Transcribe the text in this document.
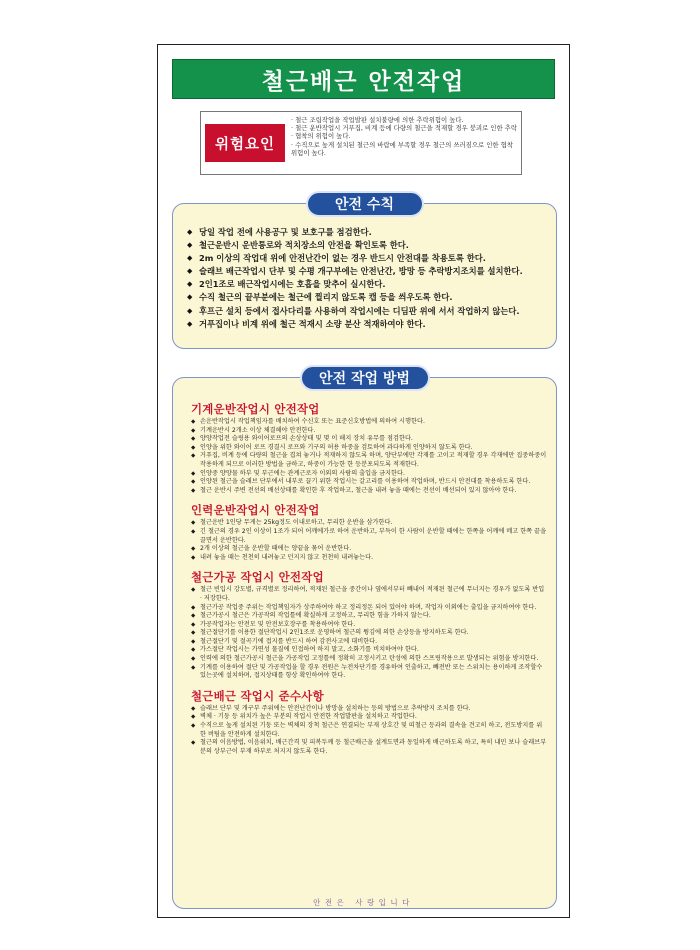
철근배근 안전작업
위험요인
· 철근 조립작업을 작업발판 설치불량에 의한 추락위험이 높다.
· 철근 운반작업시 거푸집, 비계 등에 다량의 철근을 적재할 경우 붕괴로 인한 추락 · 협착의 위험이 높다.
· 수직으로 높게 설치된 철근의 바람에 부족할 경우 철근의 쓰러짐으로 인한 협착 위험이 높다.
안전 수칙
◆ 당일 작업 전에 사용공구 및 보호구를 점검한다.
◆ 철근운반시 운반통로와 적치장소의 안전을 확인토록 한다.
◆ 2m 이상의 작업대 위에 안전난간이 없는 경우 반드시 안전대를 착용토록 한다.
◆ 슬래브 배근작업시 단부 및 수평 개구부에는 안전난간, 방망 등 추락방지조치를 설치한다.
◆ 2인1조로 배근작업시에는 호흡을 맞추어 실시한다.
◆ 수직 철근의 끝부분에는 철근에 찔리지 않도록 캡 등을 씌우도록 한다.
◆ 후프근 설치 등에서 접사다리를 사용하여 작업시에는 디딤판 위에 서서 작업하지 않는다.
◆ 거푸집이나 비계 위에 철근 적재시 소량 분산 적재하여야 한다.
안전 작업 방법
기계운반작업시 안전작업
◆ 손운반작업시 작업책임자를 배치하여 수신호 또는 표준신호방법에 의하여 시행한다.
◆ 기계운반시 2개소 이상 체결해야 안전한다.
◆ 양양작업전 슬링용 와이어로프의 손상상태 및 몇 이 해지 장치 유무를 점검한다.
◆ 인양을 위한 와이어 로프 경결시 로프와 기구의 허용 하중을 검토하여 과다하게 인양하지 않도록 한다.
◆ 거푸집, 비계 등에 다량의 철근을 겹쳐 놓거나 적재하지 않도록 하며, 양단부에만 각재를 고이고 적재할 경우 각재에만 집중하중이 작용하게 되므로 이러한 방법을 금하고, 하중이 가능한 한 등분포되도록 적재한다.
◆ 인양중 양양물 하부 및 부근에는 관계근로자 이외의 사람의 출입을 금지한다.
◆ 인양된 철근을 슬래브 단부에서 내부로 끌기 위한 작업시는 갈고리를 이용하여 작업하며, 반드시 안전대를 착용하도록 한다.
◆ 철근 운반시 주변 전선의 배선상태를 확인한 후 작업하고, 철근을 내려 놓을 때에는 전선이 배선되어 있지 않아야 한다.
인력운반작업시 안전작업
◆ 철근운반 1인당 무게는 25kg정도 이내로하고, 무리한 운반을 삼가한다.
◆ 긴 철근의 경우 2인 이상이 1조가 되어 어깨에가로 하여 운반하고, 부득이 한 사람이 운반할 때에는 한쪽을 어깨에 메고 한쪽 끝을 끌면서 운반한다.
◆ 2개 이상의 철근을 운반할 때에는 양끝을 묶어 운반한다.
◆ 내려 놓을 때는 천천히 내려놓고 던지지 않고 천천히 내려놓는다.
철근가공 작업시 안전작업
◆ 철근 빈입시 강도별, 규격별로 정리하여, 적재된 철근을 중간이나 옆에서부터 빼내어 적재된 철근에 무너지는 경우가 없도록 반입 · 저장한다.
◆ 철근가공 작업중 주위는 작업책임자가 상주하여야 하고 정리정돈 되어 있어야 하며, 작업자 이외에는 출입을 금지하여야 한다.
◆ 철근가공시 철근은 가공작의 작업틀에 확실하게 고정하고, 무리한 힘을 가하지 않는다.
◆ 가공작업자는 안전모 및 안전보호장구를 착용하여야 한다.
◆ 철근절단기를 이용한 절단작업시 2인1조로 운영하여 철근의 튕김에 의한 손상등을 방지하도록 한다.
◆ 철근절단기 및 절곡기에 접지를 반드시 하여 감전사고에 대비한다.
◆ 가스절단 작업시는 가연성 물질에 인접하여 하지 말고, 소화기를 비치하여야 한다.
◆ 인력에 의한 철근가공시 철근을 가공작업 고정틀에 정확히 고정시키고 탄성에 의한 스프링작용으로 발생되는 위험을 방지한다.
◆ 기계를 이용하여 절단 및 가공작업을 할 경우 전원은 누전차단기를 경유하여 인출하고, 빼전반 또는 스위치는 용이하게 조작할수 있는곳에 설치하며, 접지상태를 항상 확인하여야 한다.
철근배근 작업시 준수사항
◆ 슬래브 단부 및 개구부 주위에는 안전난간이나 방망을 설치하는 등의 방법으로 추락방지 조치를 한다.
◆ 벽체 · 기둥 등 위치가 높은 부분의 작업시 안전한 작업발판을 설치하고 작업한다.
◆ 수직으로 높게 설치된 기둥 또는 벽체의 장척 철근은 연결되는 부재 상호간 및 띠철근 등과의 결속을 견고히 하고, 전도방지를 위한 버팀을 안전하게 설치한다.
◆ 철근의 이음방법, 이음위치, 배근간격 및 피복두께 등 철근배근을 설계도면과 동일하게 배근하도록 하고, 특히 내민 보나 슬래브부분의 상부근이 부재 하부로 처지지 않도록 한다.
안전은 사랑입니다
